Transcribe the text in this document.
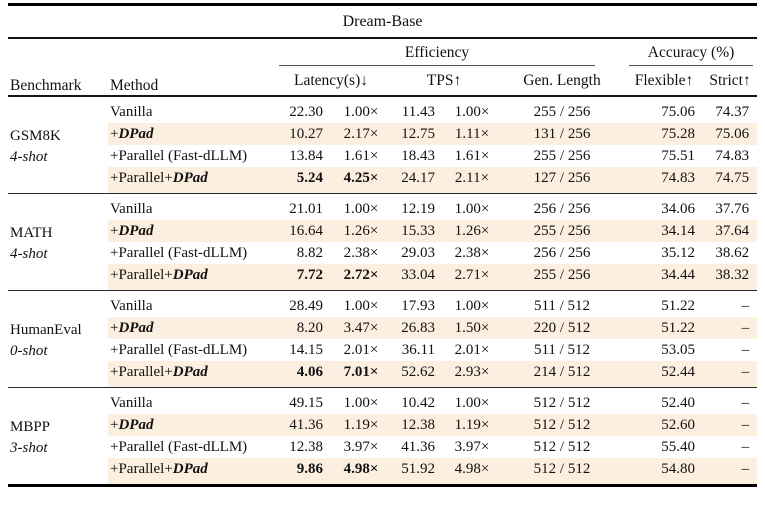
Dream-Base								
Benchmark	Method	Efficiency					Accuracy (%)	

		Latency(s)↓		TPS↑		Gen. Length	Flexible↑	Strict↑

GSM8K
4-shot	Vanilla	22.30	1.00×	11.43	1.00×	255 / 256	75.06	74.37
	+DPad	10.27	2.17×	12.75	1.11×	131 / 256	75.28	75.06
	+Parallel (Fast-dLLM)	13.84	1.61×	18.43	1.61×	255 / 256	75.51	74.83
	+Parallel+DPad	5.24	4.25×	24.17	2.11×	127 / 256	74.83	74.75

MATH
4-shot	Vanilla	21.01	1.00×	12.19	1.00×	256 / 256	34.06	37.76
	+DPad	16.64	1.26×	15.33	1.26×	255 / 256	34.14	37.64
	+Parallel (Fast-dLLM)	8.82	2.38×	29.03	2.38×	256 / 256	35.12	38.62
	+Parallel+DPad	7.72	2.72×	33.04	2.71×	255 / 256	34.44	38.32

HumanEval
0-shot	Vanilla	28.49	1.00×	17.93	1.00×	511 / 512	51.22	–
	+DPad	8.20	3.47×	26.83	1.50×	220 / 512	51.22	–
	+Parallel (Fast-dLLM)	14.15	2.01×	36.11	2.01×	511 / 512	53.05	–
	+Parallel+DPad	4.06	7.01×	52.62	2.93×	214 / 512	52.44	–

MBPP
3-shot	Vanilla	49.15	1.00×	10.42	1.00×	512 / 512	52.40	–
	+DPad	41.36	1.19×	12.38	1.19×	512 / 512	52.60	–
	+Parallel (Fast-dLLM)	12.38	3.97×	41.36	3.97×	512 / 512	55.40	–
	+Parallel+DPad	9.86	4.98×	51.92	4.98×	512 / 512	54.80	–
